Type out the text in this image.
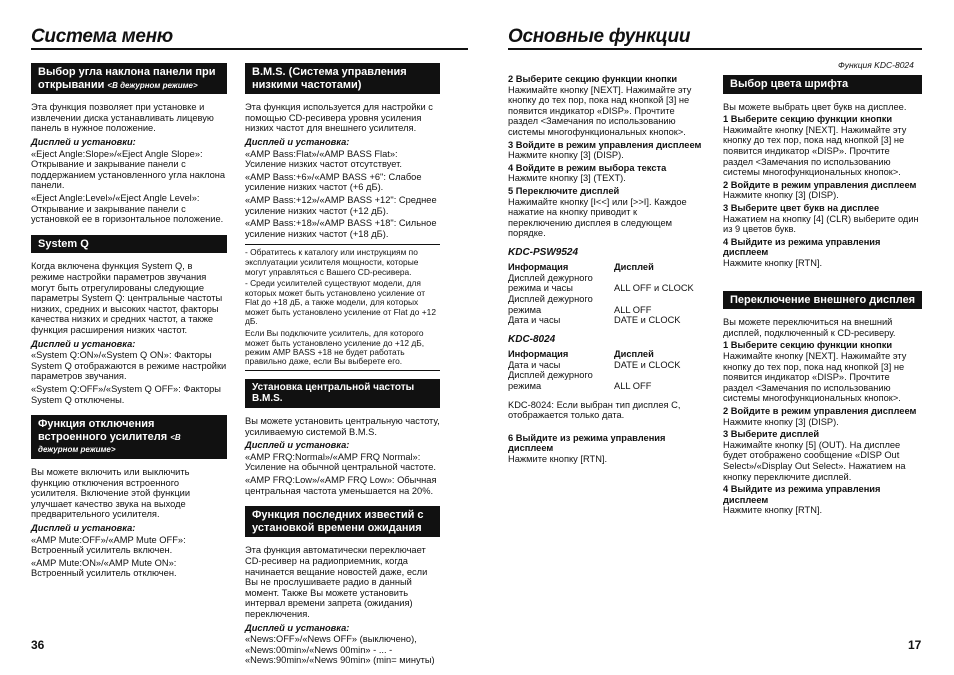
Система меню
Выбор угла наклона панели при открывании <В дежурном режиме>

Эта функция позволяет при установке и извлечении диска устанавливать лицевую панель в нужное положение.

Дисплей и установки:

«Eject Angle:Slope»/«Eject Angle Slope»: Открывание и закрывание панели с поддержанием установленного угла наклона панели.

«Eject Angle:Level»/«Eject Angle Level»: Открывание и закрывание панели с установкой ее в горизонтальное положение.

System Q

Когда включена функция System Q, в режиме настройки параметров звучания могут быть отрегулированы следующие параметры System Q: центральные частоты низких, средних и высоких частот, факторы качества низких и средних частот, а также функция расширения низких частот.

Дисплей и установка:

«System Q:ON»/«System Q ON»: Факторы System Q отображаются в режиме настройки параметров звучания.

«System Q:OFF»/«System Q OFF»: Факторы System Q отключены.

Функция отключения встроенного усилителя <В дежурном режиме>

Вы можете включить или выключить функцию отключения встроенного усилителя. Включение этой функции улучшает качество звука на выходе предварительного усилителя.

Дисплей и установка:

«AMP Mute:OFF»/«AMP Mute OFF»: Встроенный усилитель включен.

«AMP Mute:ON»/«AMP Mute ON»: Встроенный усилитель отключен.

B.M.S. (Система управления низкими частотами)

Эта функция используется для настройки с помощью CD-ресивера уровня усиления низких частот для внешнего усилителя.

Дисплей и установка:

«AMP Bass:Flat»/«AMP BASS Flat»: Усиление низких частот отсутствует.

«AMP Bass:+6»/«AMP BASS +6": Слабое усиление низких частот (+6 дБ).

«AMP Bass:+12»/«AMP BASS +12": Среднее усиление низких частот (+12 дБ).

«AMP Bass:+18»/«AMP BASS +18": Сильное усиление низких частот (+18 дБ).

- Обратитесь к каталогу или инструкциям по эксплуатации усилителя мощности, которые могут управляться с Вашего CD-ресивера.

- Среди усилителей существуют модели, для которых может быть установлено усиление от Flat до +18 дБ, а также модели, для которых может быть установлено усиление от Flat до +12 дБ.

Если Вы подключите усилитель, для которого может быть установлено усиление до +12 дБ, режим AMP BASS +18 не будет работать правильно даже, если Вы выберете его.

Установка центральной частоты B.M.S.

Вы можете установить центральную частоту, усиливаемую системой B.M.S.

Дисплей и установка:

«AMP FRQ:Normal»/«AMP FRQ Normal»: Усиление на обычной центральной частоте.

«AMP FRQ:Low»/«AMP FRQ Low»: Обычная центральная частота уменьшается на 20%.

Функция последних известий с установкой времени ожидания

Эта функция автоматически переключает CD-ресивер на радиоприемник, когда начинается вещание новостей даже, если Вы не прослушиваете радио в данный момент. Также Вы можете установить интервал времени запрета (ожидания) переключения.

Дисплей и установка:

«News:OFF»/«News OFF» (выключено), «News:00min»/«News 00min» - ... - «News:90min»/«News 90min» (min= минуты)

36
Основные функции
Функция KDC-8024

2 Выберите секцию функции кнопки

Нажимайте кнопку [NEXT]. Нажимайте эту кнопку до тех пор, пока над кнопкой [3] не появится индикатор «DISP». Прочтите раздел <Замечания по использованию системы многофункциональных кнопок>.

3 Войдите в режим управления дисплеем

Нажмите кнопку [3] (DISP).

4 Войдите в режим выбора текста

Нажмите кнопку [3] (TEXT).

5 Переключите дисплей

Нажимайте кнопку [I<<] или [>>I]. Каждое нажатие на кнопку приводит к переключению дисплея в следующем порядке.

KDC-PSW9524

Информация	Дисплей
Дисплей дежурного режима и часы	ALL OFF и CLOCK
Дисплей дежурного режима	ALL OFF
Дата и часы	DATE и CLOCK

KDC-8024

Информация	Дисплей
Дата и часы	DATE и CLOCK
Дисплей дежурного режима	ALL OFF

KDC-8024: Если выбран тип дисплея C, отображается только дата.

6 Выйдите из режима управления дисплеем

Нажмите кнопку [RTN].

Выбор цвета шрифта

Вы можете выбрать цвет букв на дисплее.

1 Выберите секцию функции кнопки

Нажимайте кнопку [NEXT]. Нажимайте эту кнопку до тех пор, пока над кнопкой [3] не появится индикатор «DISP». Прочтите раздел <Замечания по использованию системы многофункциональных кнопок>.

2 Войдите в режим управления дисплеем

Нажмите кнопку [3] (DISP).

3 Выберите цвет букв на дисплее

Нажатием на кнопку [4] (CLR) выберите один из 9 цветов букв.

4 Выйдите из режима управления дисплеем

Нажмите кнопку [RTN].

Переключение внешнего дисплея

Вы можете переключиться на внешний дисплей, подключенный к CD-ресиверу.

1 Выберите секцию функции кнопки

Нажимайте кнопку [NEXT]. Нажимайте эту кнопку до тех пор, пока над кнопкой [3] не появится индикатор «DISP». Прочтите раздел <Замечания по использованию системы многофункциональных кнопок>.

2 Войдите в режим управления дисплеем

Нажмите кнопку [3] (DISP).

3 Выберите дисплей

Нажимайте кнопку [5] (OUT). На дисплее будет отображено сообщение «DISP Out Select»/«Display Out Select». Нажатием на кнопку переключите дисплей.

4 Выйдите из режима управления дисплеем

Нажмите кнопку [RTN].

17
